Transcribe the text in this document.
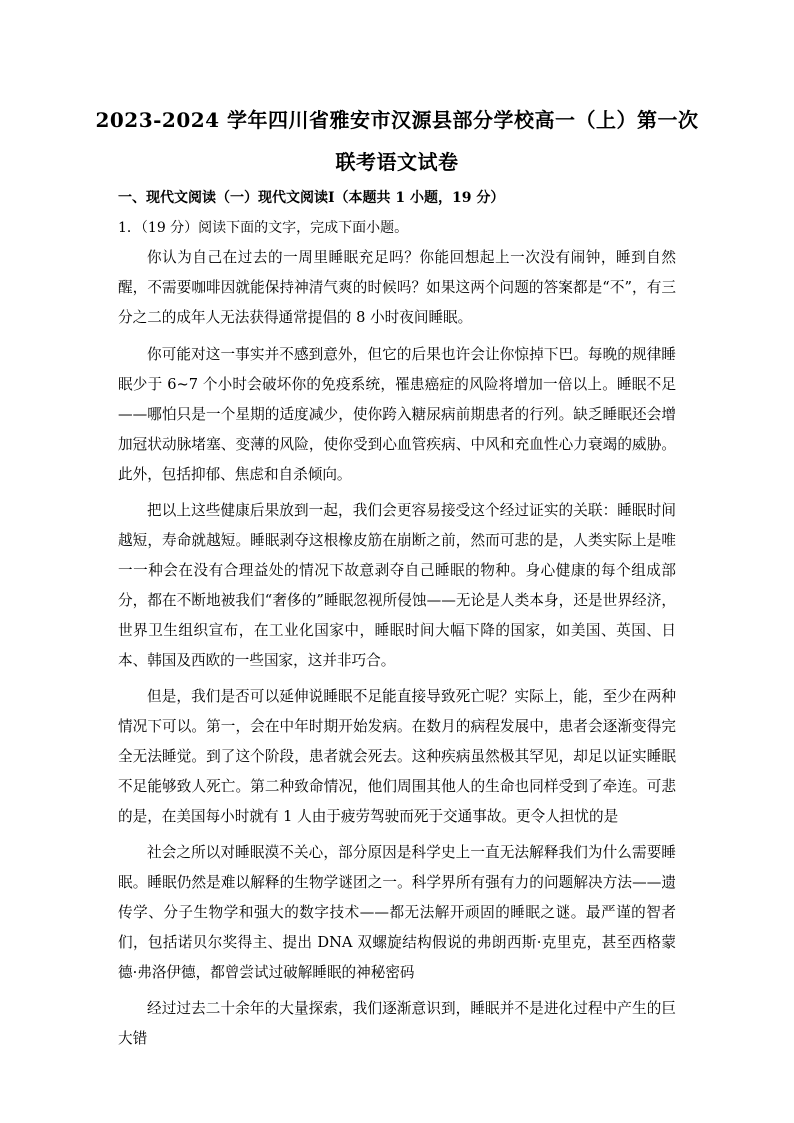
2023-2024 学年四川省雅安市汉源县部分学校高一（上）第一次
联考语文试卷
一、现代文阅读（一）现代文阅读Ⅰ（本题共 1 小题，19 分）
1．（19 分）阅读下面的文字，完成下面小题。

你认为自己在过去的一周里睡眠充足吗？你能回想起上一次没有闹钟，睡到自然醒，不需要咖啡因就能保持神清气爽的时候吗？如果这两个问题的答案都是“不”，有三分之二的成年人无法获得通常提倡的 8 小时夜间睡眠。

你可能对这一事实并不感到意外，但它的后果也许会让你惊掉下巴。每晚的规律睡眠少于 6~7 个小时会破坏你的免疫系统，罹患癌症的风险将增加一倍以上。睡眠不足——哪怕只是一个星期的适度减少，使你跨入糖尿病前期患者的行列。缺乏睡眠还会增加冠状动脉堵塞、变薄的风险，使你受到心血管疾病、中风和充血性心力衰竭的威胁。此外，包括抑郁、焦虑和自杀倾向。

把以上这些健康后果放到一起，我们会更容易接受这个经过证实的关联：睡眠时间越短，寿命就越短。睡眠剥夺这根橡皮筋在崩断之前，然而可悲的是，人类实际上是唯一一种会在没有合理益处的情况下故意剥夺自己睡眠的物种。身心健康的每个组成部分，都在不断地被我们“奢侈的”睡眠忽视所侵蚀——无论是人类本身，还是世界经济，世界卫生组织宣布，在工业化国家中，睡眠时间大幅下降的国家，如美国、英国、日本、韩国及西欧的一些国家，这并非巧合。

但是，我们是否可以延伸说睡眠不足能直接导致死亡呢？实际上，能，至少在两种情况下可以。第一，会在中年时期开始发病。在数月的病程发展中，患者会逐渐变得完全无法睡觉。到了这个阶段，患者就会死去。这种疾病虽然极其罕见，却足以证实睡眠不足能够致人死亡。第二种致命情况，他们周围其他人的生命也同样受到了牵连。可悲的是，在美国每小时就有 1 人由于疲劳驾驶而死于交通事故。更令人担忧的是

社会之所以对睡眠漠不关心，部分原因是科学史上一直无法解释我们为什么需要睡眠。睡眠仍然是难以解释的生物学谜团之一。科学界所有强有力的问题解决方法——遗传学、分子生物学和强大的数字技术——都无法解开顽固的睡眠之谜。最严谨的智者们，包括诺贝尔奖得主、提出 DNA 双螺旋结构假说的弗朗西斯·克里克，甚至西格蒙德·弗洛伊德，都曾尝试过破解睡眠的神秘密码

经过过去二十余年的大量探索，我们逐渐意识到，睡眠并不是进化过程中产生的巨大错
